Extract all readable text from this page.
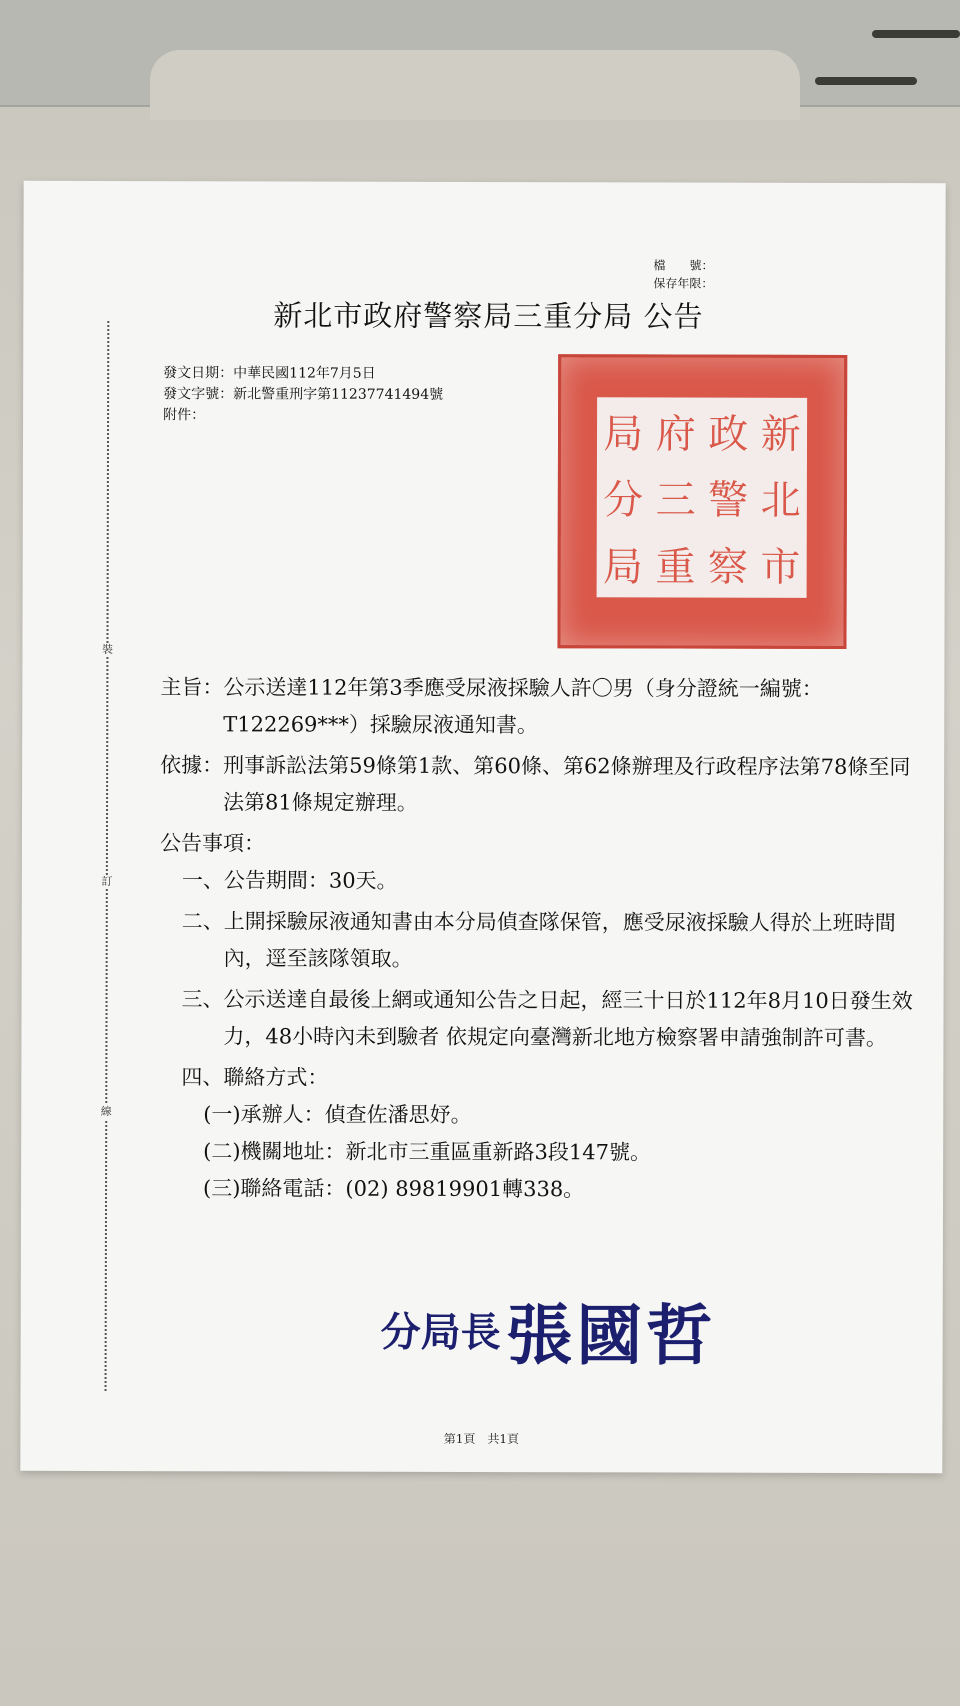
裝
訂
線
檔　　號：
保存年限：
新北市政府警察局三重分局 公告
發文日期：中華民國112年7月5日
發文字號：新北警重刑字第11237741494號
附件：	局 府 政 新
分 三 警 北
局 重 察 市
主旨： 公示送達112年第3季應受尿液採驗人許〇男（身分證統一編號：T122269***）採驗尿液通知書。
依據： 刑事訴訟法第59條第1款、第60條、第62條辦理及行政程序法第78條至同法第81條規定辦理。
公告事項：
一、 公告期間：30天。
二、 上開採驗尿液通知書由本分局偵查隊保管，應受尿液採驗人得於上班時間內，逕至該隊領取。
三、 公示送達自最後上網或通知公告之日起，經三十日於112年8月10日發生效力，48小時內未到驗者 依規定向臺灣新北地方檢察署申請強制許可書。
四、 聯絡方式：
(一) 承辦人：偵查佐潘思妤。
(二) 機關地址：新北市三重區重新路3段147號。
(三) 聯絡電話：(02) 89819901轉338。
分局長 張國哲
第1頁　共1頁
